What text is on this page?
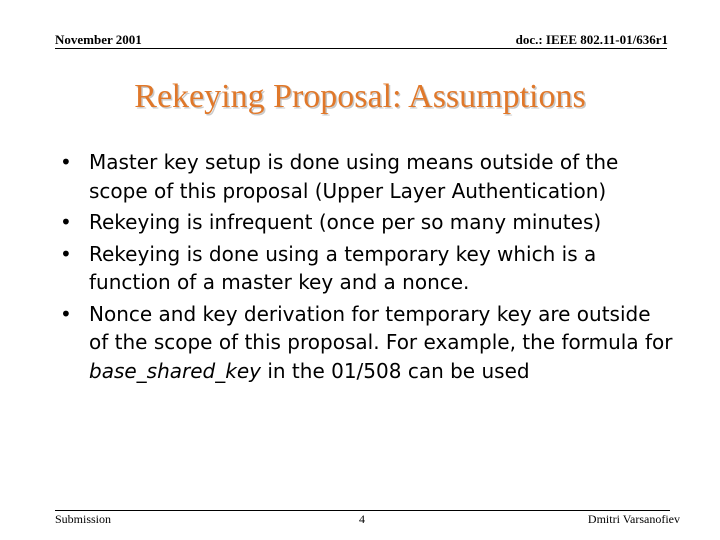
November 2001	doc.: IEEE 802.11-01/636r1
Rekeying Proposal: Assumptions
• Master key setup is done using means outside of the scope of this proposal (Upper Layer Authentication)
• Rekeying is infrequent (once per so many minutes)
• Rekeying is done using a temporary key which is a function of a master key and a nonce.
• Nonce and key derivation for temporary key are outside of the scope of this proposal. For example, the formula for base_shared_key in the 01/508 can be used
Submission	4	Dmitri Varsanofiev
